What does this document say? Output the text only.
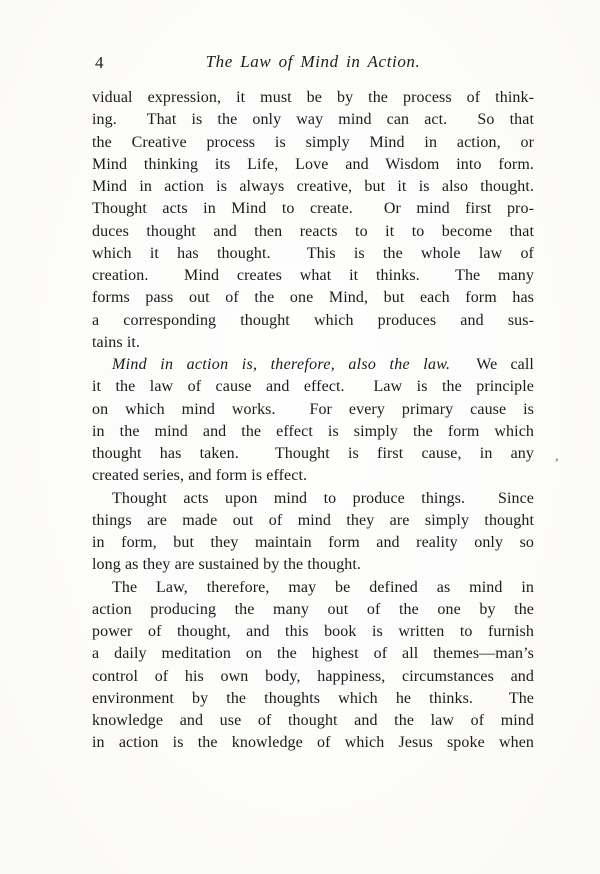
4	The Law of Mind in Action.

vidual expression, it must be by the process of think-
ing.  That is the only way mind can act.  So that
the Creative process is simply Mind in action, or
Mind thinking its Life, Love and Wisdom into form.
Mind in action is always creative, but it is also thought.
Thought acts in Mind to create.  Or mind first pro-
duces thought and then reacts to it to become that
which it has thought.  This is the whole law of
creation.  Mind creates what it thinks.  The many
forms pass out of the one Mind, but each form has
a corresponding thought which produces and sus-
tains it.

Mind in action is, therefore, also the law.  We call
it the law of cause and effect.  Law is the principle
on which mind works.  For every primary cause is
in the mind and the effect is simply the form which
thought has taken.  Thought is first cause, in any
created series, and form is effect.

Thought acts upon mind to produce things.  Since
things are made out of mind they are simply thought
in form, but they maintain form and reality only so
long as they are sustained by the thought.

The Law, therefore, may be defined as mind in
action producing the many out of the one by the
power of thought, and this book is written to furnish
a daily meditation on the highest of all themes—man’s
control of his own body, happiness, circumstances and
environment by the thoughts which he thinks.  The
knowledge and use of thought and the law of mind
in action is the knowledge of which Jesus spoke when

,
